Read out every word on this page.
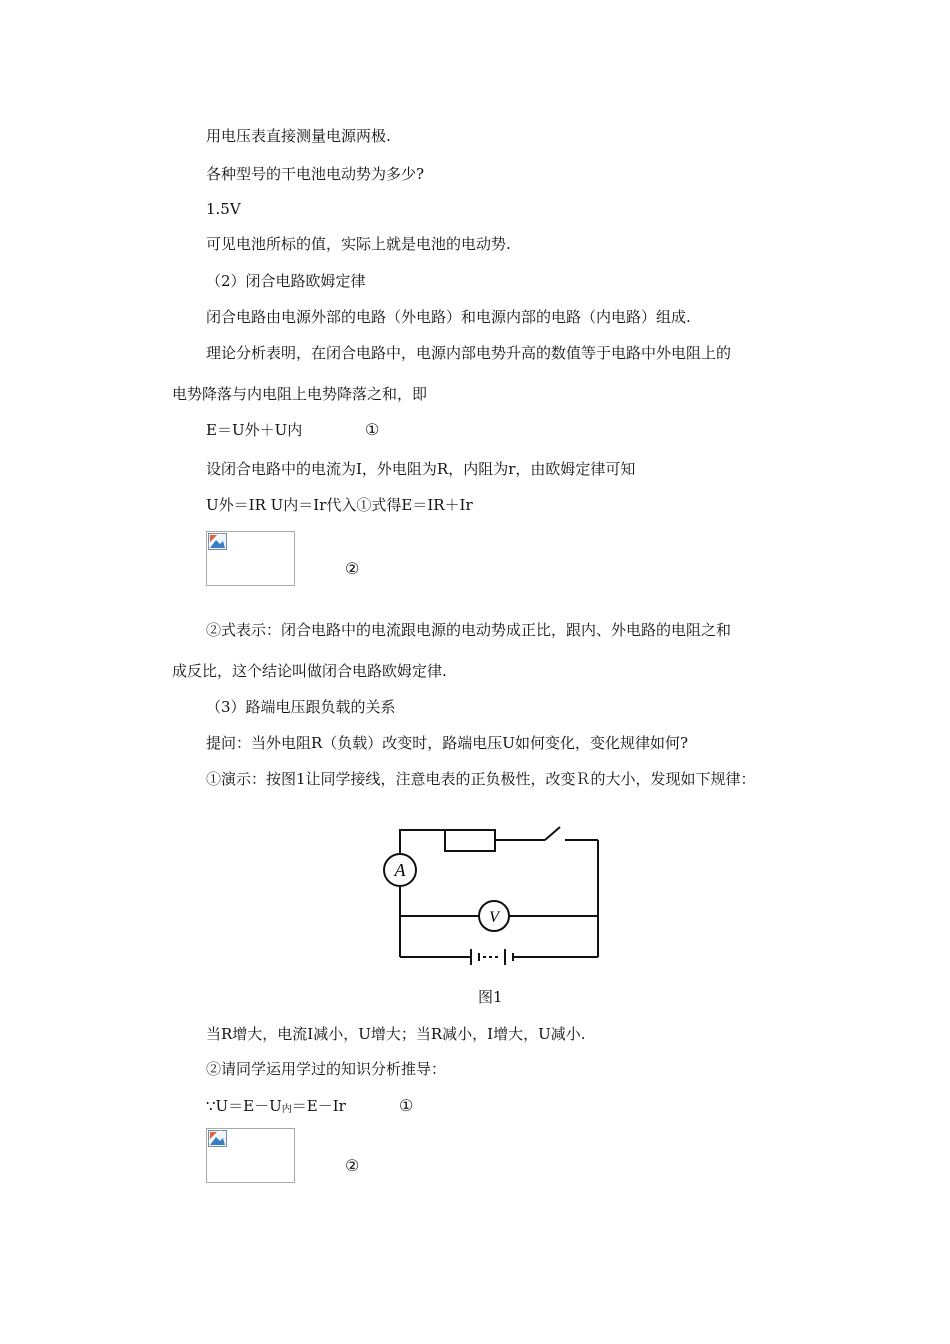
用电压表直接测量电源两极.
各种型号的干电池电动势为多少?
1.5V
可见电池所标的值，实际上就是电池的电动势.
（2）闭合电路欧姆定律
闭合电路由电源外部的电路（外电路）和电源内部的电路（内电路）组成.
理论分析表明，在闭合电路中，电源内部电势升高的数值等于电路中外电阻上的
电势降落与内电阻上电势降落之和，即
E＝U外＋U内	①
设闭合电路中的电流为I，外电阻为R，内阻为r，由欧姆定律可知
U外＝IR U内＝Ir代入①式得E＝IR＋Ir
②
②式表示：闭合电路中的电流跟电源的电动势成正比，跟内、外电路的电阻之和
成反比，这个结论叫做闭合电路欧姆定律.
（3）路端电压跟负载的关系
提问：当外电阻R（负载）改变时，路端电压U如何变化，变化规律如何?
①演示：按图1让同学接线，注意电表的正负极性，改变Ｒ的大小，发现如下规律：
A
V
图1
当R增大，电流I减小，U增大；当R减小，I增大，U减小.
②请同学运用学过的知识分析推导：
∵U＝E－U内＝E－Ir	①
②
